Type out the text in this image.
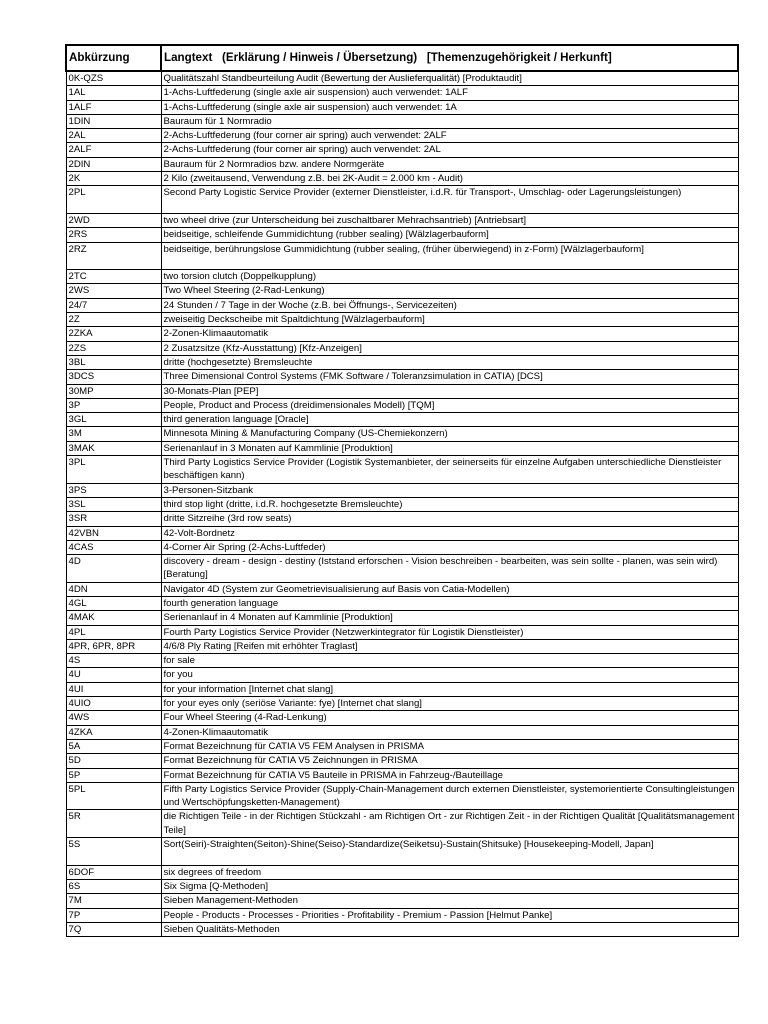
Abkürzung	Langtext   (Erklärung / Hinweis / Übersetzung)   [Themenzugehörigkeit / Herkunft]
0K-QZS	Qualitätszahl Standbeurteilung Audit (Bewertung der Auslieferqualität) [Produktaudit]
1AL	1-Achs-Luftfederung (single axle air suspension) auch verwendet: 1ALF
1ALF	1-Achs-Luftfederung (single axle air suspension) auch verwendet: 1A
1DIN	Bauraum für 1 Normradio
2AL	2-Achs-Luftfederung (four corner air spring) auch verwendet: 2ALF
2ALF	2-Achs-Luftfederung (four corner air spring) auch verwendet: 2AL
2DIN	Bauraum für 2 Normradios bzw. andere Normgeräte
2K	2 Kilo (zweitausend, Verwendung z.B. bei 2K-Audit = 2.000 km - Audit)
2PL	Second Party Logistic Service Provider (externer Dienstleister, i.d.R. für Transport-, Umschlag- oder Lagerungsleistungen)
2WD	two wheel drive (zur Unterscheidung bei zuschaltbarer Mehrachsantrieb) [Antriebsart]
2RS	beidseitige, schleifende Gummidichtung (rubber sealing) [Wälzlagerbauform]
2RZ	beidseitige, berührungslose Gummidichtung (rubber sealing, (früher überwiegend) in z-Form) [Wälzlagerbauform]
2TC	two torsion clutch (Doppelkupplung)
2WS	Two Wheel Steering (2-Rad-Lenkung)
24/7	24 Stunden / 7 Tage in der Woche (z.B. bei Öffnungs-, Servicezeiten)
2Z	zweiseitig Deckscheibe mit Spaltdichtung [Wälzlagerbauform]
2ZKA	2-Zonen-Klimaautomatik
2ZS	2 Zusatzsitze (Kfz-Ausstattung) [Kfz-Anzeigen]
3BL	dritte (hochgesetzte) Bremsleuchte
3DCS	Three Dimensional Control Systems (FMK Software / Toleranzsimulation in CATIA) [DCS]
30MP	30-Monats-Plan [PEP]
3P	People, Product and Process (dreidimensionales Modell) [TQM]
3GL	third generation language [Oracle]
3M	Minnesota Mining & Manufacturing Company (US-Chemiekonzern)
3MAK	Serienanlauf in 3 Monaten auf Kammlinie [Produktion]
3PL	Third Party Logistics Service Provider (Logistik Systemanbieter, der seinerseits für einzelne Aufgaben unterschiedliche Dienstleister beschäftigen kann)
3PS	3-Personen-Sitzbank
3SL	third stop light (dritte, i.d.R. hochgesetzte Bremsleuchte)
3SR	dritte Sitzreihe (3rd row seats)
42VBN	42-Volt-Bordnetz
4CAS	4-Corner Air Spring (2-Achs-Luftfeder)
4D	discovery - dream - design - destiny (Iststand erforschen - Vision beschreiben - bearbeiten, was sein sollte - planen, was sein wird) [Beratung]
4DN	Navigator 4D (System zur Geometrievisualisierung auf Basis von Catia-Modellen)
4GL	fourth generation language
4MAK	Serienanlauf in 4 Monaten auf Kammlinie [Produktion]
4PL	Fourth Party Logistics Service Provider (Netzwerkintegrator für Logistik Dienstleister)
4PR, 6PR, 8PR	4/6/8 Ply Rating [Reifen mit erhöhter Traglast]
4S	for sale
4U	for you
4UI	for your information [Internet chat slang]
4UIO	for your eyes only (seriöse Variante: fye) [Internet chat slang]
4WS	Four Wheel Steering (4-Rad-Lenkung)
4ZKA	4-Zonen-Klimaautomatik
5A	Format Bezeichnung für CATIA V5 FEM Analysen in PRISMA
5D	Format Bezeichnung für CATIA V5 Zeichnungen in PRISMA
5P	Format Bezeichnung für CATIA V5 Bauteile in PRISMA in Fahrzeug-/Bauteillage
5PL	Fifth Party Logistics Service Provider (Supply-Chain-Management durch externen Dienstleister, systemorientierte Consultingleistungen und Wertschöpfungsketten-Management)
5R	die Richtigen Teile - in der Richtigen Stückzahl - am Richtigen Ort - zur Richtigen Zeit - in der Richtigen Qualität [Qualitätsmanagement Teile]
5S	Sort(Seiri)-Straighten(Seiton)-Shine(Seiso)-Standardize(Seiketsu)-Sustain(Shitsuke) [Housekeeping-Modell, Japan]
6DOF	six degrees of freedom
6S	Six Sigma [Q-Methoden]
7M	Sieben Management-Methoden
7P	People - Products - Processes - Priorities - Profitability - Premium - Passion [Helmut Panke]
7Q	Sieben Qualitäts-Methoden
